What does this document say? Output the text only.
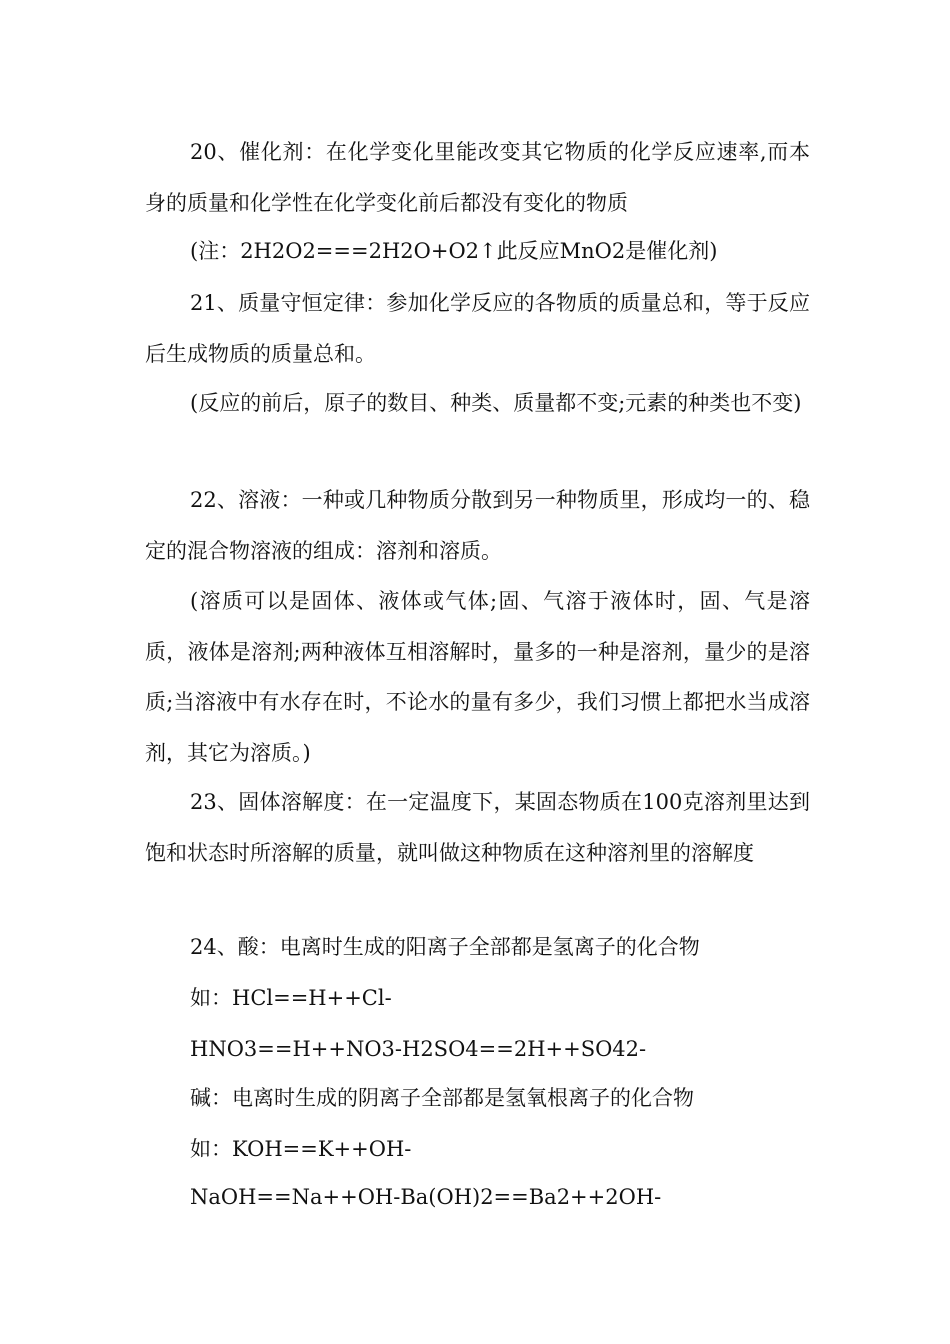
20、催化剂：在化学变化里能改变其它物质的化学反应速率,而本身的质量和化学性在化学变化前后都没有变化的物质

(注：2H2O2===2H2O+O2↑此反应MnO2是催化剂)

21、质量守恒定律：参加化学反应的各物质的质量总和，等于反应后生成物质的质量总和。

(反应的前后，原子的数目、种类、质量都不变;元素的种类也不变)

22、溶液：一种或几种物质分散到另一种物质里，形成均一的、稳定的混合物溶液的组成：溶剂和溶质。

(溶质可以是固体、液体或气体;固、气溶于液体时，固、气是溶质，液体是溶剂;两种液体互相溶解时，量多的一种是溶剂，量少的是溶质;当溶液中有水存在时，不论水的量有多少，我们习惯上都把水当成溶剂，其它为溶质。)

23、固体溶解度：在一定温度下，某固态物质在100克溶剂里达到饱和状态时所溶解的质量，就叫做这种物质在这种溶剂里的溶解度

24、酸：电离时生成的阳离子全部都是氢离子的化合物

如：HCl==H++Cl-

HNO3==H++NO3-H2SO4==2H++SO42-

碱：电离时生成的阴离子全部都是氢氧根离子的化合物

如：KOH==K++OH-

NaOH==Na++OH-Ba(OH)2==Ba2++2OH-
